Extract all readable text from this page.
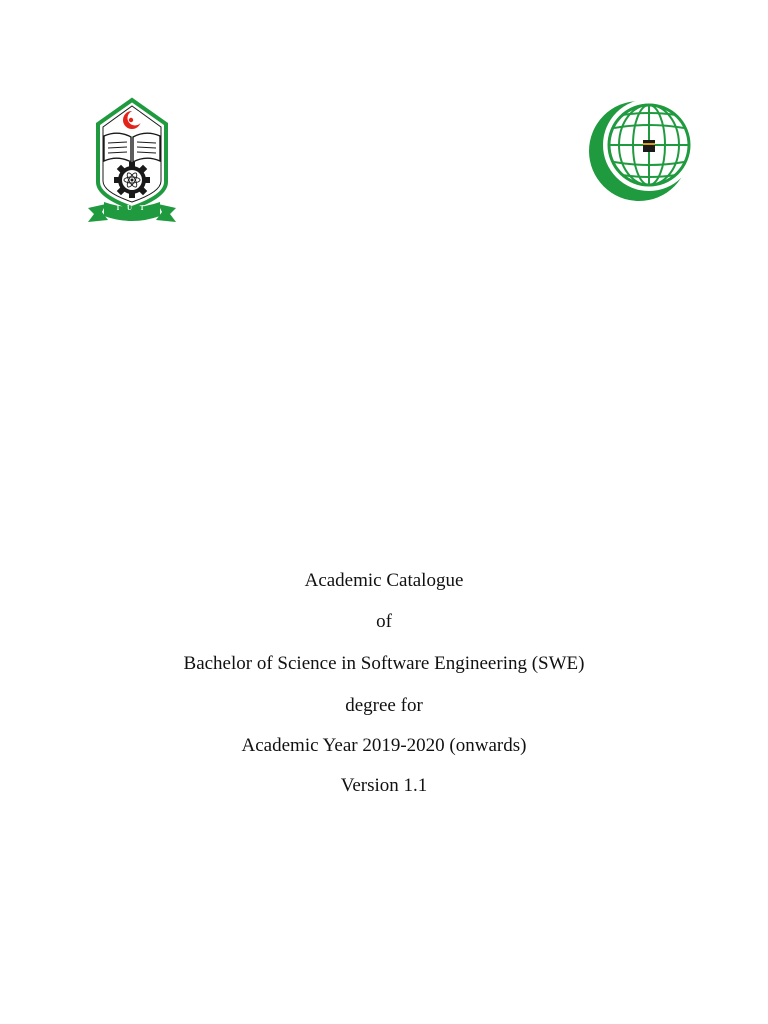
I U T
Academic Catalogue
of
Bachelor of Science in Software Engineering (SWE)
degree for
Academic Year 2019-2020 (onwards)
Version 1.1
